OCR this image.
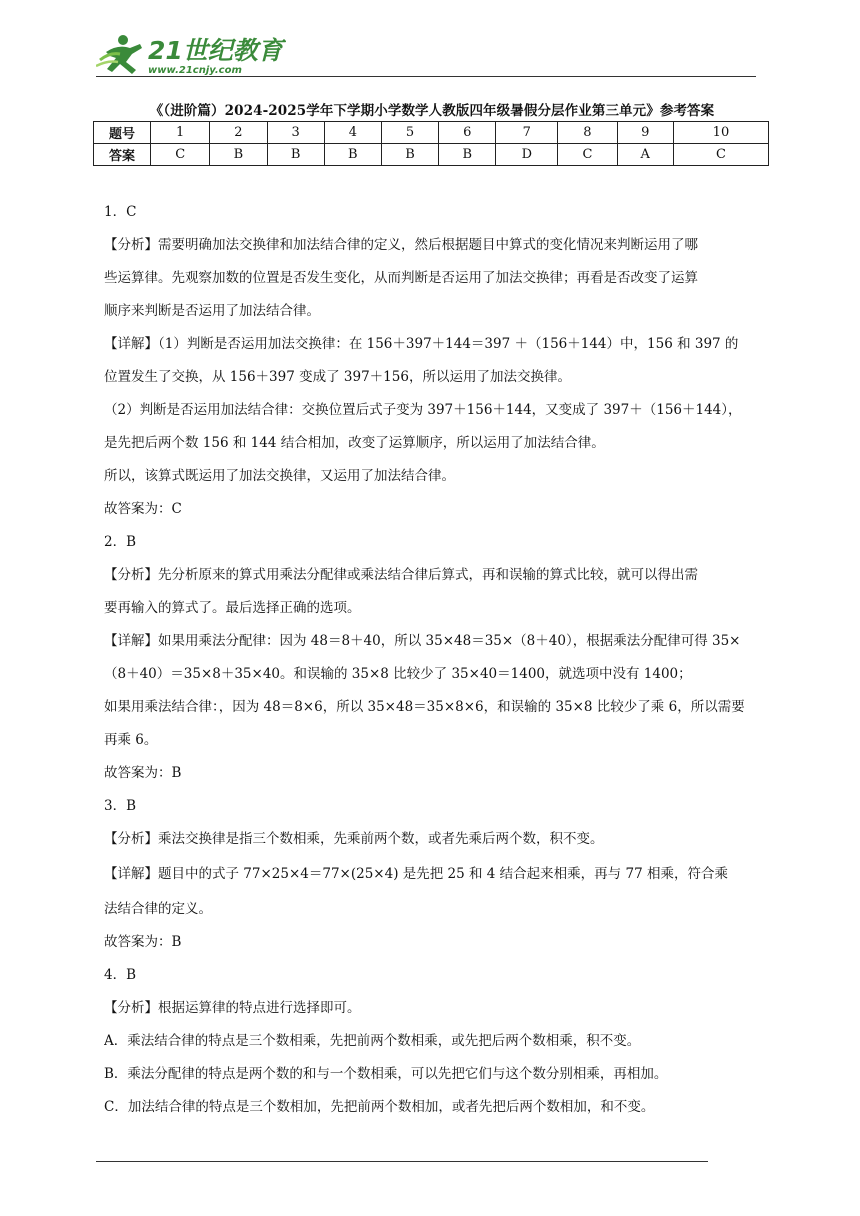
21世纪教育
www.21cnjy.com
《（进阶篇）2024-2025学年下学期小学数学人教版四年级暑假分层作业第三单元》参考答案
题号	1	2	3	4	5	6	7	8	9	10
答案	C	B	B	B	B	B	D	C	A	C

1．C

【分析】需要明确加法交换律和加法结合律的定义，然后根据题目中算式的变化情况来判断运用了哪

些运算律。先观察加数的位置是否发生变化，从而判断是否运用了加法交换律；再看是否改变了运算

顺序来判断是否运用了加法结合律。

【详解】（1）判断是否运用加法交换律：在 156＋397＋144＝397 ＋（156＋144）中，156 和 397 的

位置发生了交换，从 156＋397 变成了 397＋156，所以运用了加法交换律。

（2）判断是否运用加法结合律：交换位置后式子变为 397＋156＋144，又变成了 397＋（156＋144），

是先把后两个数 156 和 144 结合相加，改变了运算顺序，所以运用了加法结合律。

所以，该算式既运用了加法交换律，又运用了加法结合律。

故答案为：C

2．B

【分析】先分析原来的算式用乘法分配律或乘法结合律后算式，再和误输的算式比较，就可以得出需

要再输入的算式了。最后选择正确的选项。

【详解】如果用乘法分配律：因为 48＝8＋40，所以 35×48＝35×（8＋40），根据乘法分配律可得 35×

（8＋40）＝35×8＋35×40。和误输的 35×8 比较少了 35×40＝1400，就选项中没有 1400；

如果用乘法结合律：，因为 48＝8×6，所以 35×48＝35×8×6，和误输的 35×8 比较少了乘 6，所以需要

再乘 6。

故答案为：B

3．B

【分析】乘法交换律是指三个数相乘，先乘前两个数，或者先乘后两个数，积不变。

【详解】题目中的式子 77×25×4＝77×(25×4) 是先把 25 和 4 结合起来相乘，再与 77 相乘，符合乘

法结合律的定义。

故答案为：B

4．B

【分析】根据运算律的特点进行选择即可。

A．乘法结合律的特点是三个数相乘，先把前两个数相乘，或先把后两个数相乘，积不变。

B．乘法分配律的特点是两个数的和与一个数相乘，可以先把它们与这个数分别相乘，再相加。

C．加法结合律的特点是三个数相加，先把前两个数相加，或者先把后两个数相加，和不变。
